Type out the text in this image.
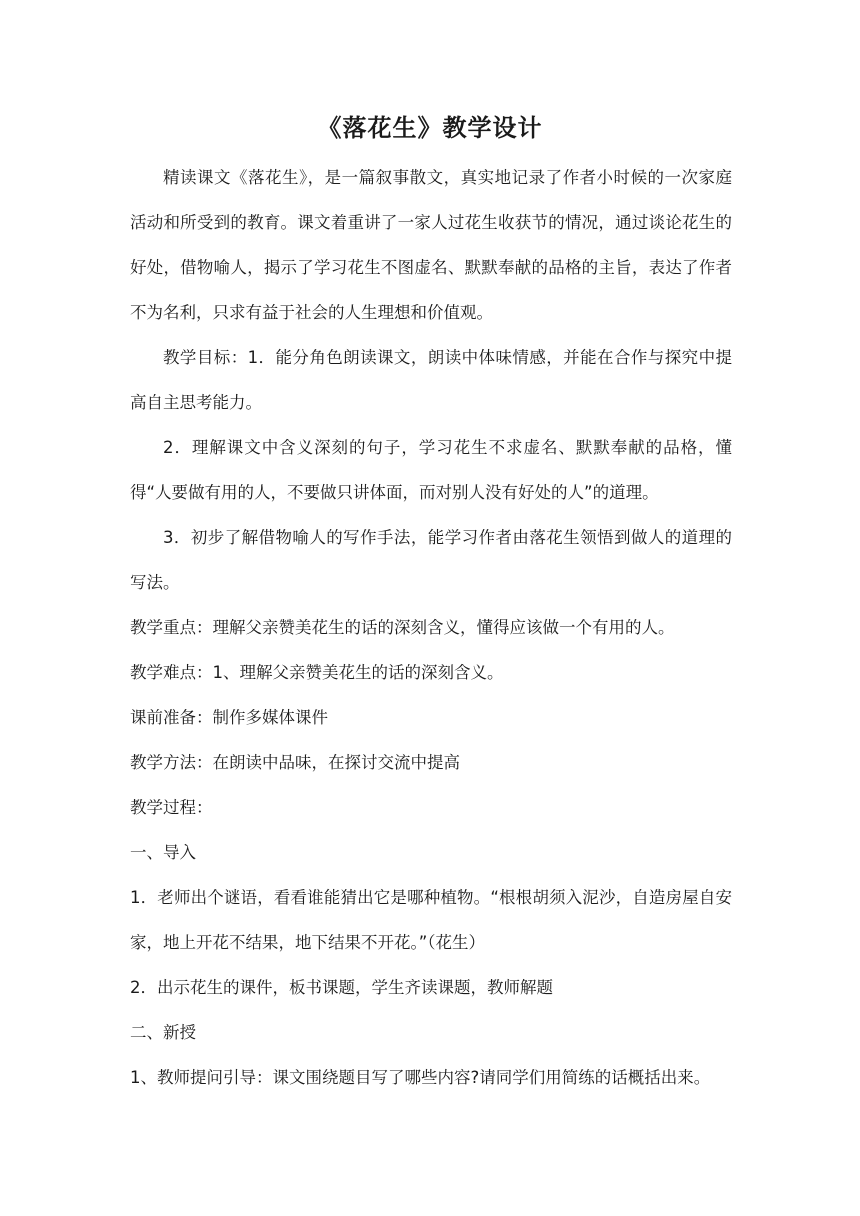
《落花生》教学设计

精读课文《落花生》，是一篇叙事散文，真实地记录了作者小时候的一次家庭活动和所受到的教育。课文着重讲了一家人过花生收获节的情况，通过谈论花生的好处，借物喻人，揭示了学习花生不图虚名、默默奉献的品格的主旨，表达了作者不为名利，只求有益于社会的人生理想和价值观。

教学目标：1．能分角色朗读课文，朗读中体味情感，并能在合作与探究中提高自主思考能力。

2．理解课文中含义深刻的句子，学习花生不求虚名、默默奉献的品格，懂得“人要做有用的人，不要做只讲体面，而对别人没有好处的人”的道理。

3．初步了解借物喻人的写作手法，能学习作者由落花生领悟到做人的道理的写法。

教学重点：理解父亲赞美花生的话的深刻含义，懂得应该做一个有用的人。

教学难点：1、理解父亲赞美花生的话的深刻含义。

课前准备：制作多媒体课件

教学方法：在朗读中品味，在探讨交流中提高

教学过程：

一、导入

1．老师出个谜语，看看谁能猜出它是哪种植物。“根根胡须入泥沙，自造房屋自安家，地上开花不结果，地下结果不开花。”（花生）

2．出示花生的课件，板书课题，学生齐读课题，教师解题

二、新授

1、教师提问引导：课文围绕题目写了哪些内容?请同学们用简练的话概括出来。
